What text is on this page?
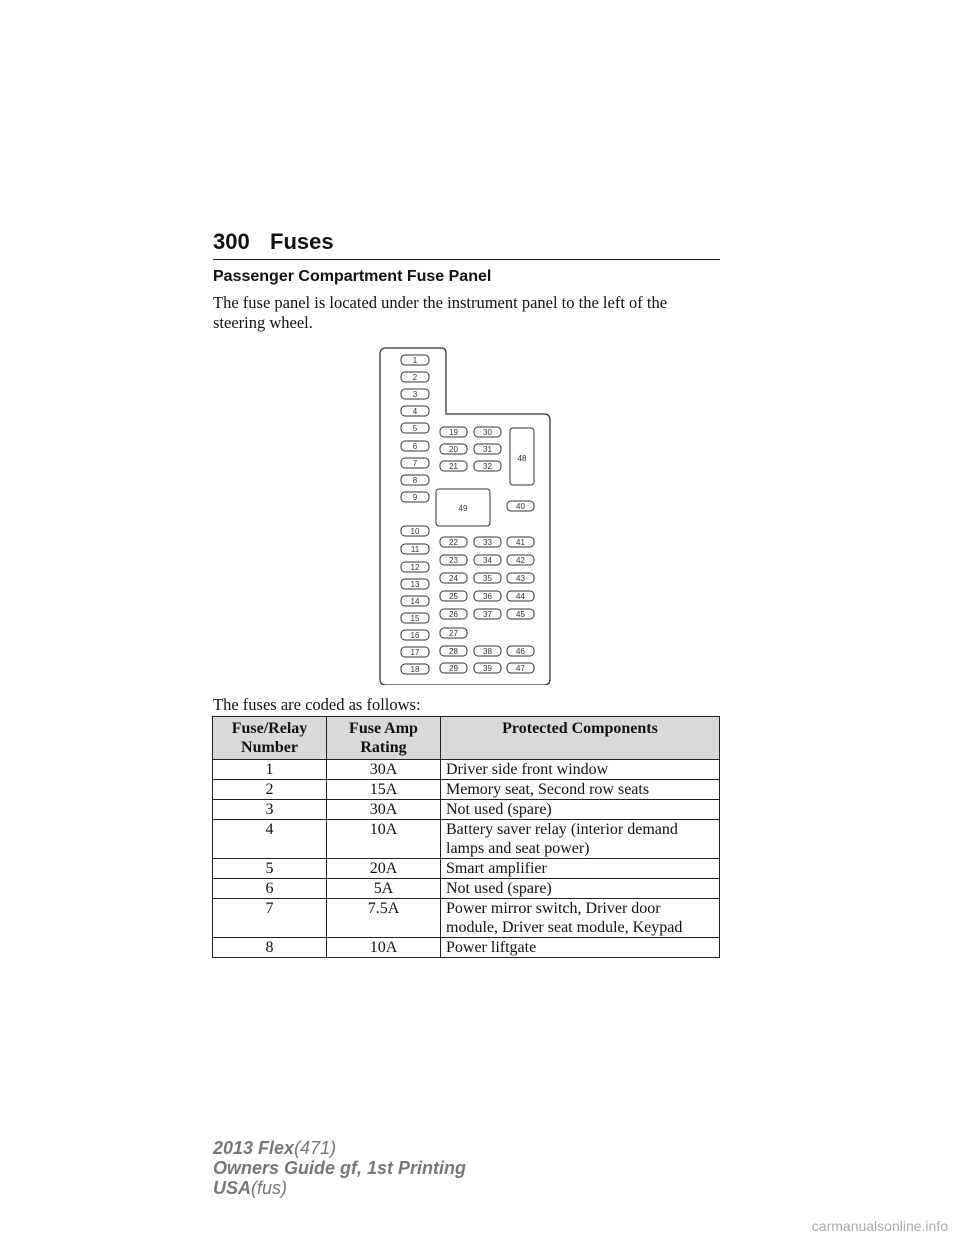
300 Fuses
Passenger Compartment Fuse Panel
The fuse panel is located under the instrument panel to the left of the steering wheel.
1
2
3
4
5
6
7
8
9
10
11
12
13
14
15
16
17
18
19	30
20	31
21	32
22	33	41
23	34	42
24	35	43
25	36	44
26	37	45
27
28	38	46
29	39	47
48
49	40
The fuses are coded as follows:
Fuse/Relay Number	Fuse Amp Rating	Protected Components
1	30A	Driver side front window
2	15A	Memory seat, Second row seats
3	30A	Not used (spare)
4	10A	Battery saver relay (interior demand lamps and seat power)
5	20A	Smart amplifier
6	5A	Not used (spare)
7	7.5A	Power mirror switch, Driver door module, Driver seat module, Keypad
8	10A	Power liftgate
2013 Flex(471)
Owners Guide gf, 1st Printing
USA(fus)
carmanualsonline.info
